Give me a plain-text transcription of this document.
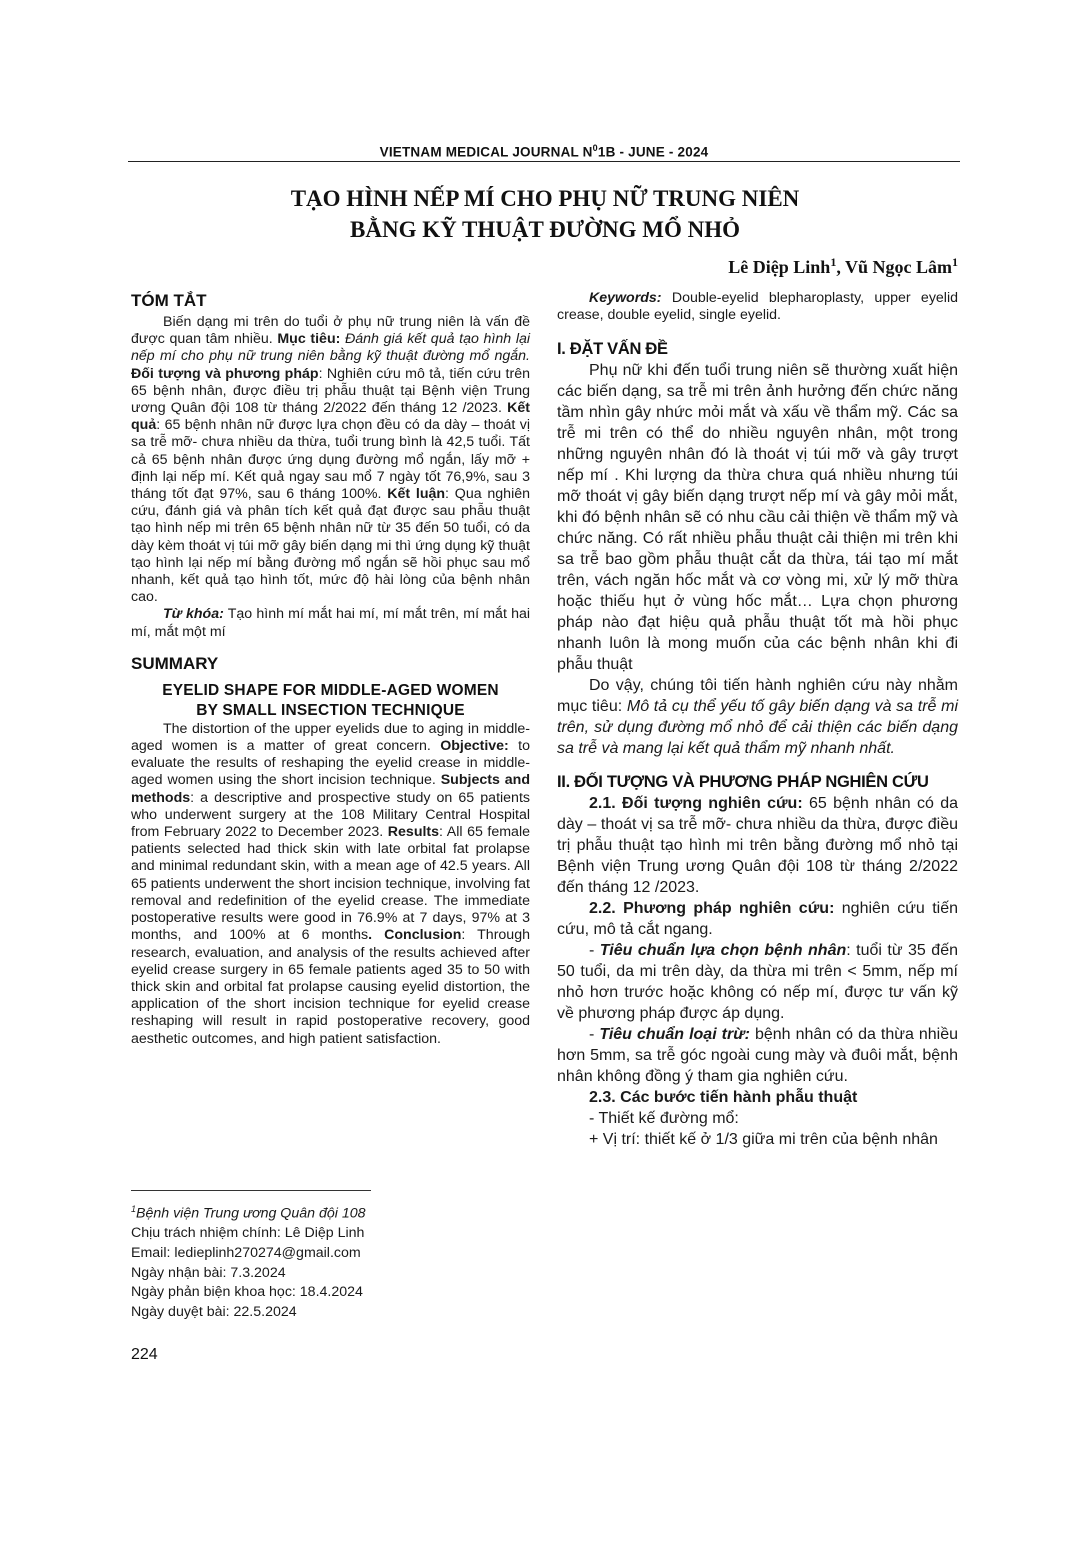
VIETNAM MEDICAL JOURNAL $N^01B$ - JUNE - 2024
TẠO HÌNH NẾP MÍ CHO PHỤ NỮ TRUNG NIÊN
BẰNG KỸ THUẬT ĐƯỜNG MỔ NHỎ
Lê Diệp Linh$^1$, Vũ Ngọc Lâm$^1$
TÓM TẮT

Biến dạng mi trên do tuổi ở phụ nữ trung niên là vấn đề được quan tâm nhiều. Mục tiêu: Đánh giá kết quả tạo hình lại nếp mí cho phụ nữ trung niên bằng kỹ thuật đường mổ ngắn. Đối tượng và phương pháp: Nghiên cứu mô tả, tiến cứu trên 65 bệnh nhân, được điều trị phẫu thuật tại Bệnh viện Trung ương Quân đội 108 từ tháng 2/2022 đến tháng 12 /2023. Kết quả: 65 bệnh nhân nữ được lựa chọn đều có da dày – thoát vị sa trễ mỡ- chưa nhiều da thừa, tuổi trung bình là 42,5 tuổi. Tất cả 65 bệnh nhân được ứng dụng đường mổ ngắn, lấy mỡ + định lại nếp mí. Kết quả ngay sau mổ 7 ngày tốt 76,9%, sau 3 tháng tốt đạt 97%, sau 6 tháng 100%. Kết luận: Qua nghiên cứu, đánh giá và phân tích kết quả đạt được sau phẫu thuật tạo hình nếp mi trên 65 bệnh nhân nữ từ 35 đến 50 tuổi, có da dày kèm thoát vị túi mỡ gây biến dạng mi thì ứng dụng kỹ thuật tạo hình lại nếp mí bằng đường mổ ngắn sẽ hồi phục sau mổ nhanh, kết quả tạo hình tốt, mức độ hài lòng của bệnh nhân cao.

Từ khóa: Tạo hình mí mắt hai mí, mí mắt trên, mí mắt hai mí, mắt một mí

SUMMARY
EYELID SHAPE FOR MIDDLE-AGED WOMEN
BY SMALL INSECTION TECHNIQUE

The distortion of the upper eyelids due to aging in middle-aged women is a matter of great concern. Objective: to evaluate the results of reshaping the eyelid crease in middle-aged women using the short incision technique. Subjects and methods: a descriptive and prospective study on 65 patients who underwent surgery at the 108 Military Central Hospital from February 2022 to December 2023. Results: All 65 female patients selected had thick skin with late orbital fat prolapse and minimal redundant skin, with a mean age of 42.5 years. All 65 patients underwent the short incision technique, involving fat removal and redefinition of the eyelid crease. The immediate postoperative results were good in 76.9% at 7 days, 97% at 3 months, and 100% at 6 months. Conclusion: Through research, evaluation, and analysis of the results achieved after eyelid crease surgery in 65 female patients aged 35 to 50 with thick skin and orbital fat prolapse causing eyelid distortion, the application of the short incision technique for eyelid crease reshaping will result in rapid postoperative recovery, good aesthetic outcomes, and high patient satisfaction.

Keywords: Double-eyelid blepharoplasty, upper eyelid crease, double eyelid, single eyelid.

I. ĐẶT VẤN ĐỀ

Phụ nữ khi đến tuổi trung niên sẽ thường xuất hiện các biến dạng, sa trễ mi trên ảnh hưởng đến chức năng tầm nhìn gây nhức mỏi mắt và xấu về thẩm mỹ. Các sa trễ mi trên có thể do nhiều nguyên nhân, một trong những nguyên nhân đó là thoát vị túi mỡ và gây trượt nếp mí . Khi lượng da thừa chưa quá nhiều nhưng túi mỡ thoát vị gây biến dạng trượt nếp mí và gây mỏi mắt, khi đó bệnh nhân sẽ có nhu cầu cải thiện về thẩm mỹ và chức năng. Có rất nhiều phẫu thuật cải thiện mi trên khi sa trễ bao gồm phẫu thuật cắt da thừa, tái tạo mí mắt trên, vách ngăn hốc mắt và cơ vòng mi, xử lý mỡ thừa hoặc thiếu hụt ở vùng hốc mắt… Lựa chọn phương pháp nào đạt hiệu quả phẫu thuật tốt mà hồi phục nhanh luôn là mong muốn của các bệnh nhân khi đi phẫu thuật

Do vậy, chúng tôi tiến hành nghiên cứu này nhằm mục tiêu: Mô tả cụ thể yếu tố gây biến dạng và sa trễ mi trên, sử dụng đường mổ nhỏ để cải thiện các biến dạng sa trễ và mang lại kết quả thẩm mỹ nhanh nhất.

II. ĐỐI TƯỢNG VÀ PHƯƠNG PHÁP NGHIÊN CỨU

2.1. Đối tượng nghiên cứu: 65 bệnh nhân có da dày – thoát vị sa trễ mỡ- chưa nhiều da thừa, được điều trị phẫu thuật tạo hình mi trên bằng đường mổ nhỏ tại Bệnh viện Trung ương Quân đội 108 từ tháng 2/2022 đến tháng 12 /2023.

2.2. Phương pháp nghiên cứu: nghiên cứu tiến cứu, mô tả cắt ngang.

- Tiêu chuẩn lựa chọn bệnh nhân: tuổi từ 35 đến 50 tuổi, da mi trên dày, da thừa mi trên < 5mm, nếp mí nhỏ hơn trước hoặc không có nếp mí, được tư vấn kỹ về phương pháp được áp dụng.

- Tiêu chuẩn loại trừ: bệnh nhân có da thừa nhiều hơn 5mm, sa trễ góc ngoài cung mày và đuôi mắt, bệnh nhân không đồng ý tham gia nghiên cứu.

2.3. Các bước tiến hành phẫu thuật

- Thiết kế đường mổ:

+ Vị trí: thiết kế ở 1/3 giữa mi trên của bệnh nhân

$^1$Bệnh viện Trung ương Quân đội 108
Chịu trách nhiệm chính: Lê Diệp Linh
Email: ledieplinh270274@gmail.com
Ngày nhận bài: 7.3.2024
Ngày phản biện khoa học: 18.4.2024
Ngày duyệt bài: 22.5.2024
224
